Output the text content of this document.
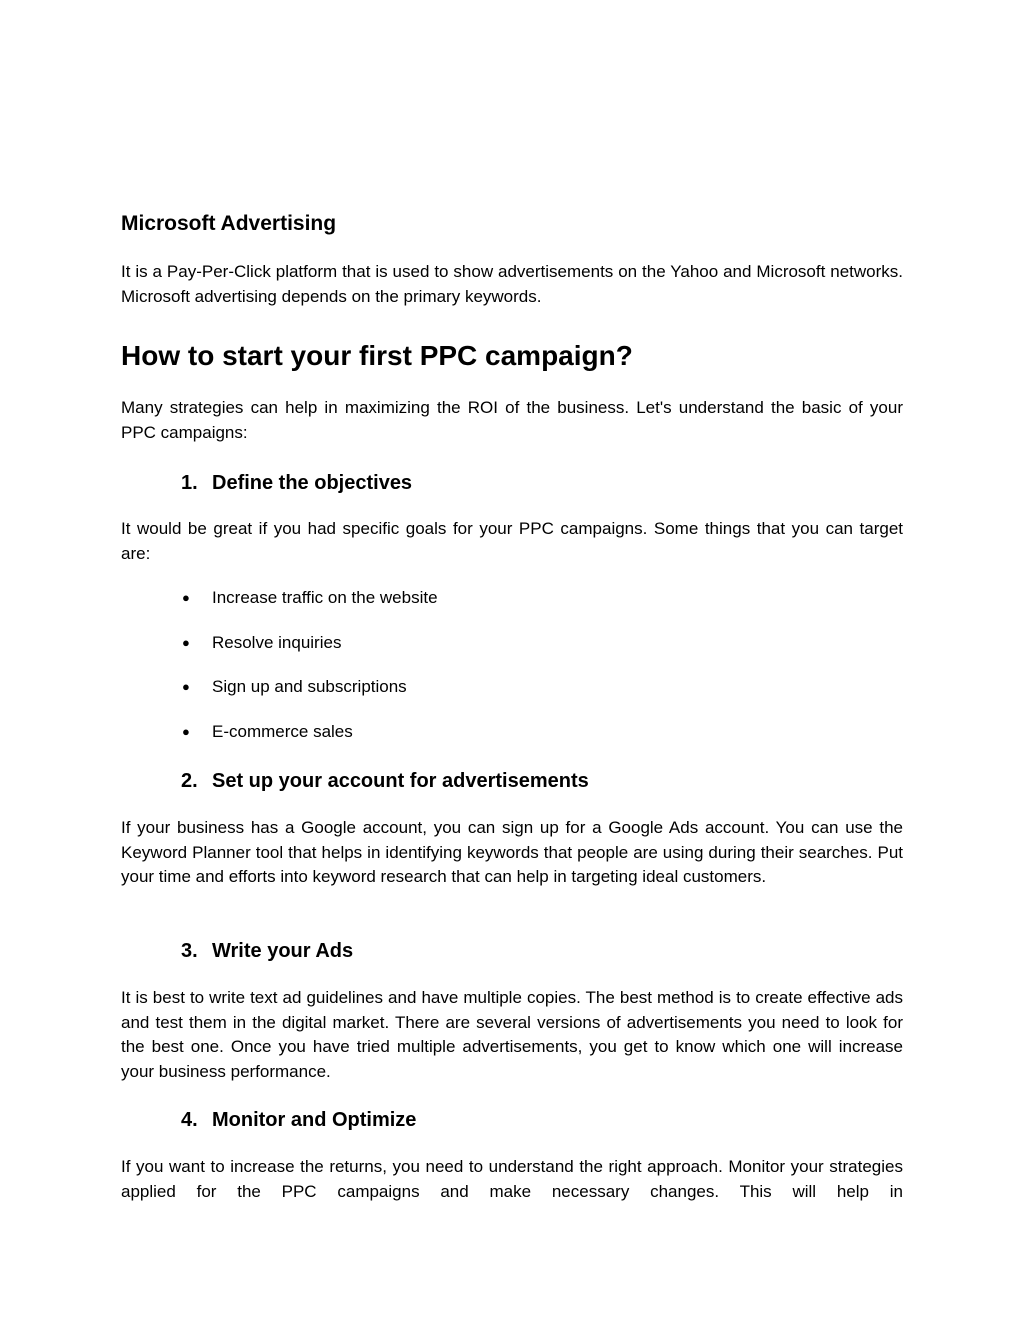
Microsoft Advertising

It is a Pay-Per-Click platform that is used to show advertisements on the Yahoo and Microsoft networks. Microsoft advertising depends on the primary keywords.

How to start your first PPC campaign?

Many strategies can help in maximizing the ROI of the business. Let's understand the basic of your PPC campaigns:

1. Define the objectives

It would be great if you had specific goals for your PPC campaigns. Some things that you can target are:

● Increase traffic on the website
● Resolve inquiries
● Sign up and subscriptions
● E-commerce sales
2. Set up your account for advertisements

If your business has a Google account, you can sign up for a Google Ads account. You can use the Keyword Planner tool that helps in identifying keywords that people are using during their searches. Put your time and efforts into keyword research that can help in targeting ideal customers.

3. Write your Ads

It is best to write text ad guidelines and have multiple copies. The best method is to create effective ads and test them in the digital market. There are several versions of advertisements you need to look for the best one. Once you have tried multiple advertisements, you get to know which one will increase your business performance.

4. Monitor and Optimize

If you want to increase the returns, you need to understand the right approach. Monitor your strategies applied for the PPC campaigns and make necessary changes. This will help in
